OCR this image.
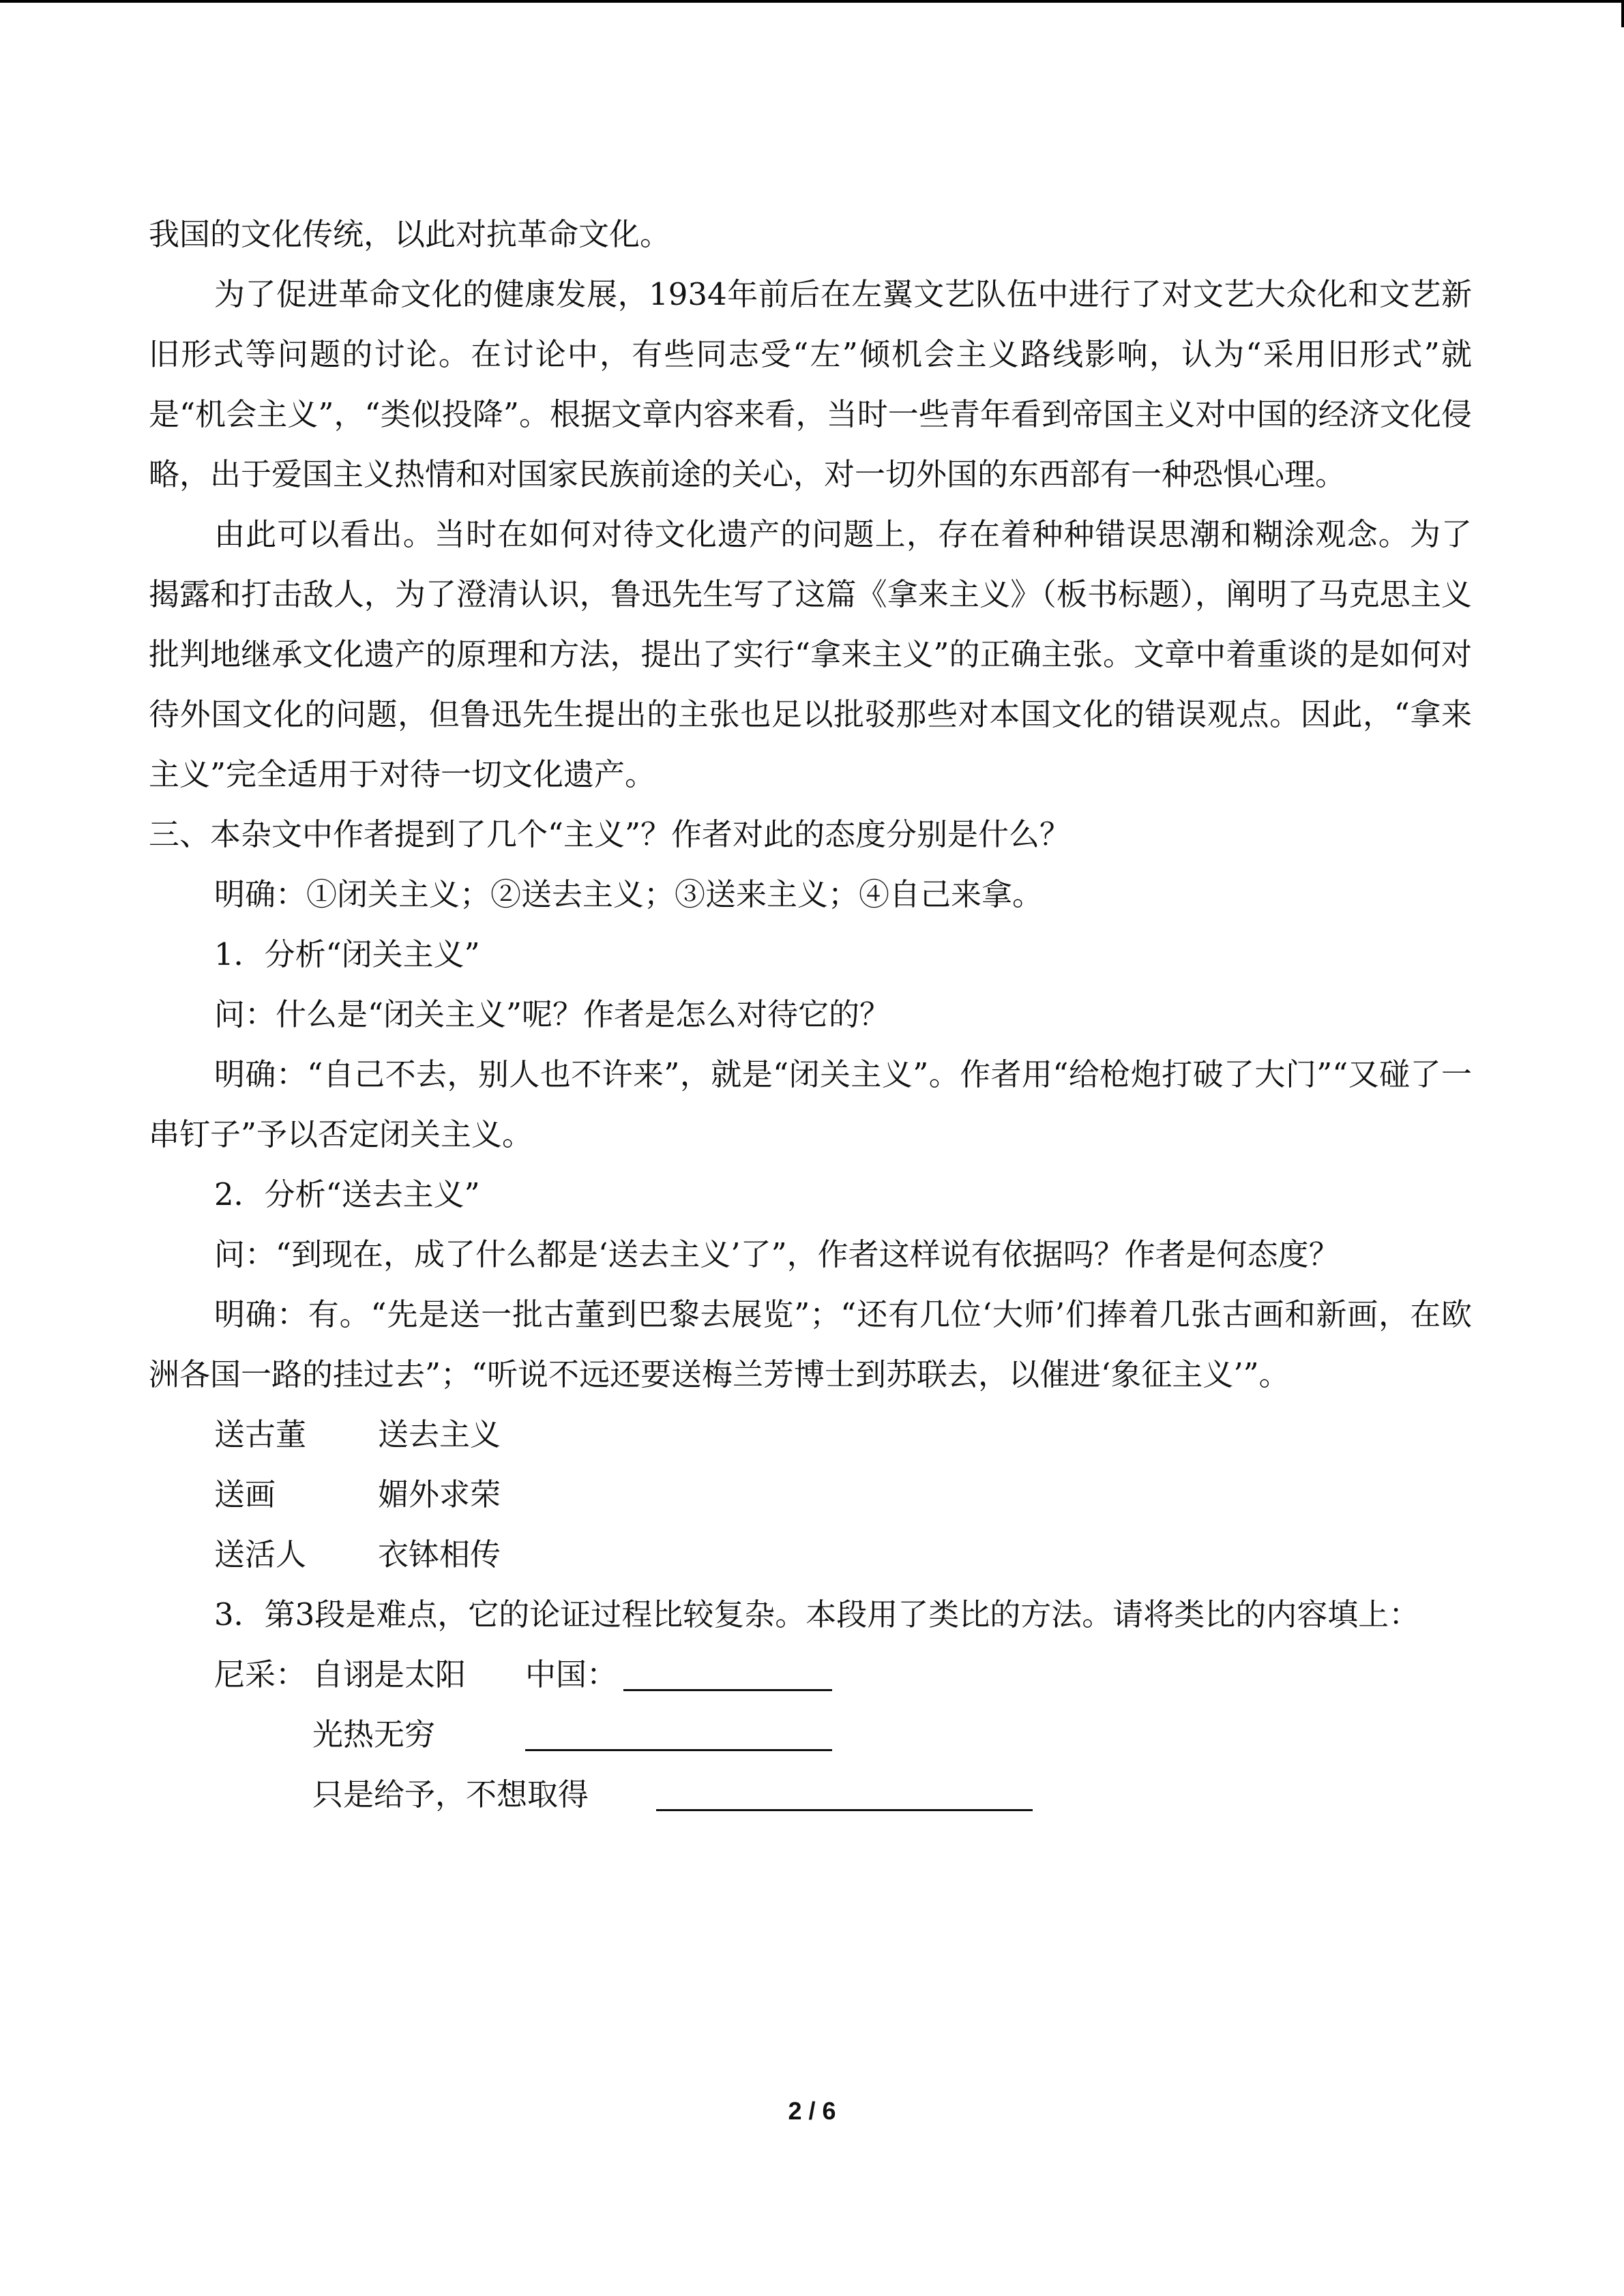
我国的文化传统，以此对抗革命文化。

为了促进革命文化的健康发展，1934年前后在左翼文艺队伍中进行了对文艺大众化和文艺新旧形式等问题的讨论。在讨论中，有些同志受“左”倾机会主义路线影响，认为“采用旧形式”就是“机会主义”，“类似投降”。根据文章内容来看，当时一些青年看到帝国主义对中国的经济文化侵略，出于爱国主义热情和对国家民族前途的关心，对一切外国的东西部有一种恐惧心理。

由此可以看出。当时在如何对待文化遗产的问题上，存在着种种错误思潮和糊涂观念。为了揭露和打击敌人，为了澄清认识，鲁迅先生写了这篇《拿来主义》（板书标题），阐明了马克思主义批判地继承文化遗产的原理和方法，提出了实行“拿来主义”的正确主张。文章中着重谈的是如何对待外国文化的问题，但鲁迅先生提出的主张也足以批驳那些对本国文化的错误观点。因此，“拿来主义”完全适用于对待一切文化遗产。

三、本杂文中作者提到了几个“主义”？作者对此的态度分别是什么？

明确：①闭关主义；②送去主义；③送来主义；④自己来拿。

1．分析“闭关主义”

问：什么是“闭关主义”呢？作者是怎么对待它的？

明确：“自己不去，别人也不许来”，就是“闭关主义”。作者用“给枪炮打破了大门”“又碰了一串钉子”予以否定闭关主义。

2．分析“送去主义”

问：“到现在，成了什么都是‘送去主义’了”，作者这样说有依据吗？作者是何态度？

明确：有。“先是送一批古董到巴黎去展览”；“还有几位‘大师’们捧着几张古画和新画，在欧洲各国一路的挂过去”；“听说不远还要送梅兰芳博士到苏联去，以催进‘象征主义’”。

送古董 送去主义
送画	媚外求荣
送活人 衣钵相传

3．第3段是难点，它的论证过程比较复杂。本段用了类比的方法。请将类比的内容填上：

尼采： 自诩是太阳 中国：
光热无穷
只是给予，不想取得
2 / 6
